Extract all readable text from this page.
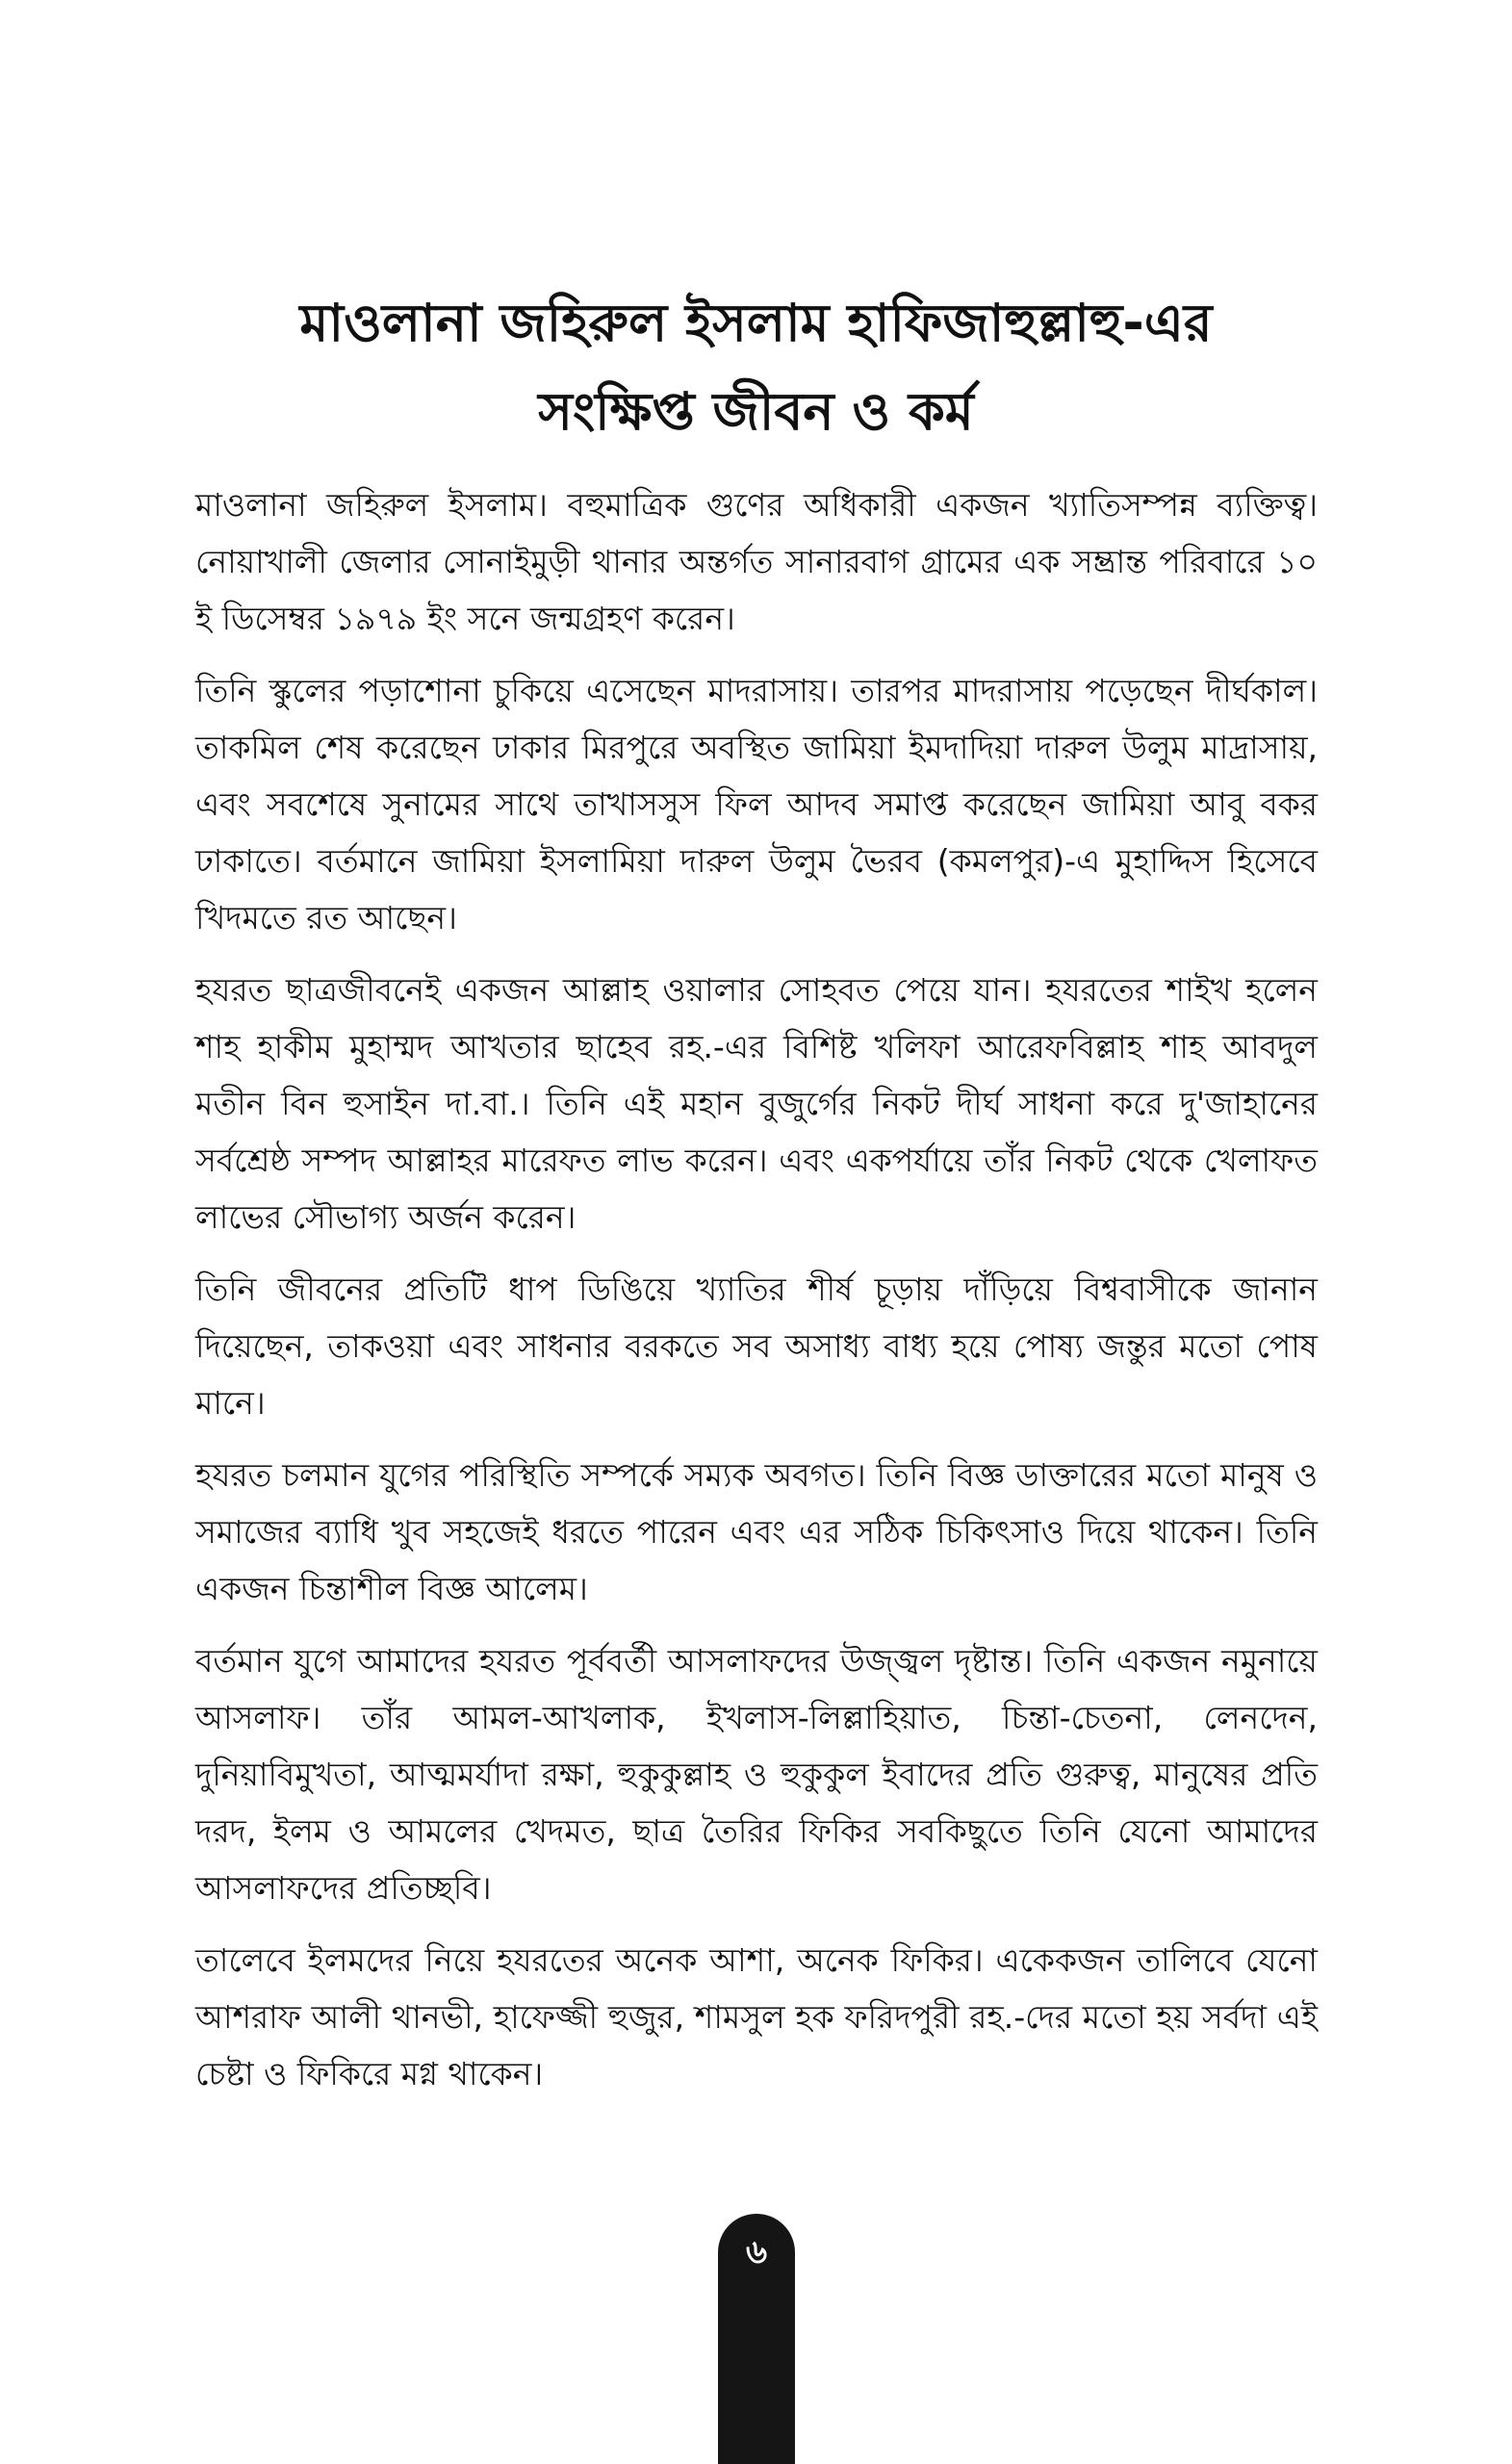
মাওলানা জহিরুল ইসলাম হাফিজাহুল্লাহু-এর
সংক্ষিপ্ত জীবন ও কর্ম

মাওলানা জহিরুল ইসলাম। বহুমাত্রিক গুণের অধিকারী একজন খ্যাতিসম্পন্ন ব্যক্তিত্ব। নোয়াখালী জেলার সোনাইমুড়ী থানার অন্তর্গত সানারবাগ গ্রামের এক সম্ভ্রান্ত পরিবারে ১০ ই ডিসেম্বর ১৯৭৯ ইং সনে জন্মগ্রহণ করেন।

তিনি স্কুলের পড়াশোনা চুকিয়ে এসেছেন মাদরাসায়। তারপর মাদরাসায় পড়েছেন দীর্ঘকাল। তাকমিল শেষ করেছেন ঢাকার মিরপুরে অবস্থিত জামিয়া ইমদাদিয়া দারুল উলুম মাদ্রাসায়, এবং সবশেষে সুনামের সাথে তাখাসসুস ফিল আদব সমাপ্ত করেছেন জামিয়া আবু বকর ঢাকাতে। বর্তমানে জামিয়া ইসলামিয়া দারুল উলুম ভৈরব (কমলপুর)-এ মুহাদ্দিস হিসেবে খিদমতে রত আছেন।

হযরত ছাত্রজীবনেই একজন আল্লাহ ওয়ালার সোহবত পেয়ে যান। হযরতের শাইখ হলেন শাহ হাকীম মুহাম্মদ আখতার ছাহেব রহ.-এর বিশিষ্ট খলিফা আরেফবিল্লাহ শাহ আবদুল মতীন বিন হুসাইন দা.বা.। তিনি এই মহান বুজুর্গের নিকট দীর্ঘ সাধনা করে দু'জাহানের সর্বশ্রেষ্ঠ সম্পদ আল্লাহর মারেফত লাভ করেন। এবং একপর্যায়ে তাঁর নিকট থেকে খেলাফত লাভের সৌভাগ্য অর্জন করেন।

তিনি জীবনের প্রতিটি ধাপ ডিঙিয়ে খ্যাতির শীর্ষ চূড়ায় দাঁড়িয়ে বিশ্ববাসীকে জানান দিয়েছেন, তাকওয়া এবং সাধনার বরকতে সব অসাধ্য বাধ্য হয়ে পোষ্য জন্তুর মতো পোষ মানে।

হযরত চলমান যুগের পরিস্থিতি সম্পর্কে সম্যক অবগত। তিনি বিজ্ঞ ডাক্তারের মতো মানুষ ও সমাজের ব্যাধি খুব সহজেই ধরতে পারেন এবং এর সঠিক চিকিৎসাও দিয়ে থাকেন। তিনি একজন চিন্তাশীল বিজ্ঞ আলেম।

বর্তমান যুগে আমাদের হযরত পূর্ববর্তী আসলাফদের উজ্জ্বল দৃষ্টান্ত। তিনি একজন নমুনায়ে আসলাফ। তাঁর আমল-আখলাক, ইখলাস-লিল্লাহিয়াত, চিন্তা-চেতনা, লেনদেন, দুনিয়াবিমুখতা, আত্মমর্যাদা রক্ষা, হুকুকুল্লাহ ও হুকুকুল ইবাদের প্রতি গুরুত্ব, মানুষের প্রতি দরদ, ইলম ও আমলের খেদমত, ছাত্র তৈরির ফিকির সবকিছুতে তিনি যেনো আমাদের আসলাফদের প্রতিচ্ছবি।

তালেবে ইলমদের নিয়ে হযরতের অনেক আশা, অনেক ফিকির। একেকজন তালিবে যেনো আশরাফ আলী থানভী, হাফেজ্জী হুজুর, শামসুল হক ফরিদপুরী রহ.-দের মতো হয় সর্বদা এই চেষ্টা ও ফিকিরে মগ্ন থাকেন।

৬
